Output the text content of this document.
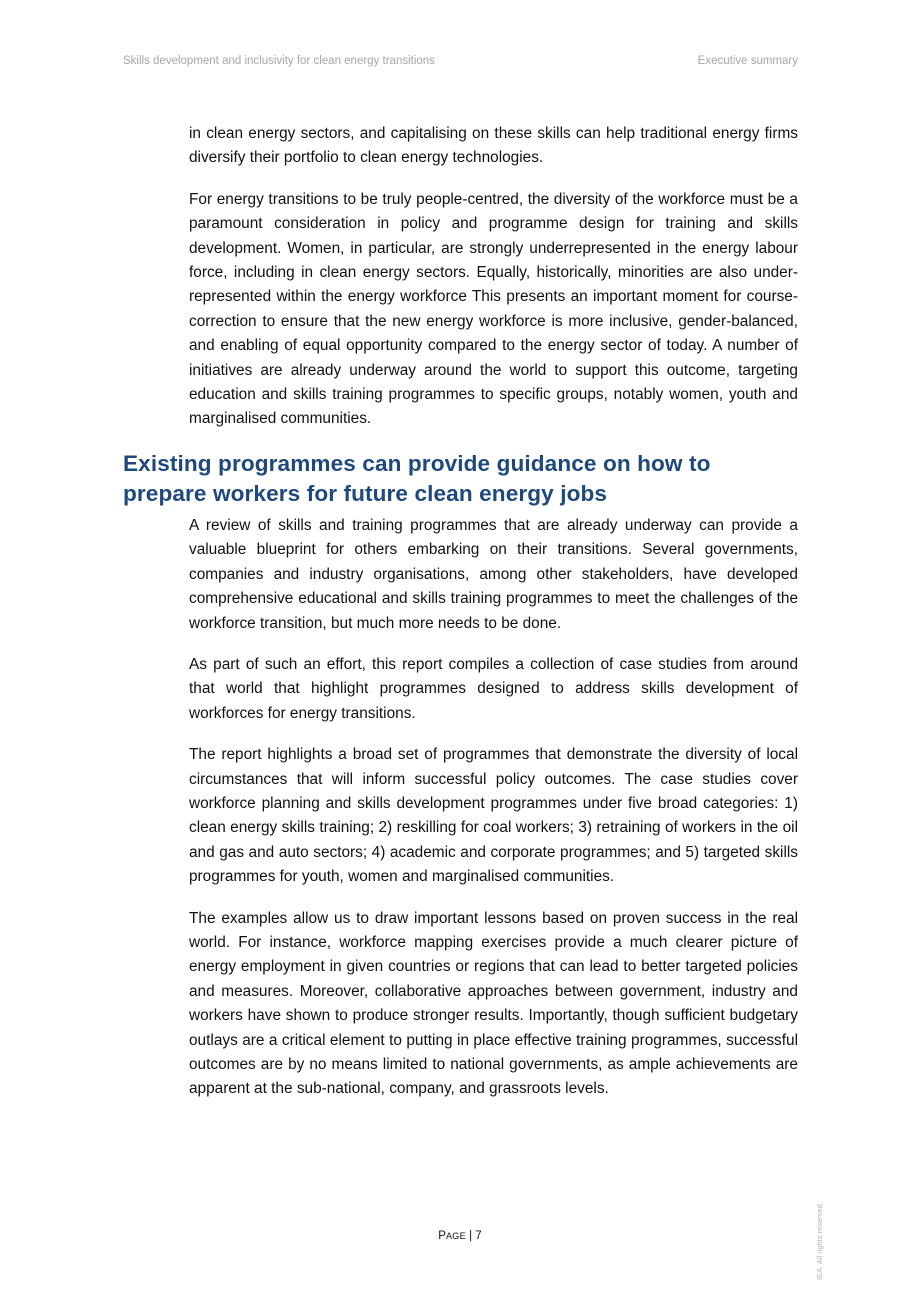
Skills development and inclusivity for clean energy transitions	Executive summary

in clean energy sectors, and capitalising on these skills can help traditional energy firms diversify their portfolio to clean energy technologies.

For energy transitions to be truly people-centred, the diversity of the workforce must be a paramount consideration in policy and programme design for training and skills development. Women, in particular, are strongly underrepresented in the energy labour force, including in clean energy sectors. Equally, historically, minorities are also under-represented within the energy workforce This presents an important moment for course-correction to ensure that the new energy workforce is more inclusive, gender-balanced, and enabling of equal opportunity compared to the energy sector of today. A number of initiatives are already underway around the world to support this outcome, targeting education and skills training programmes to specific groups, notably women, youth and marginalised communities.

Existing programmes can provide guidance on how to prepare workers for future clean energy jobs

A review of skills and training programmes that are already underway can provide a valuable blueprint for others embarking on their transitions. Several governments, companies and industry organisations, among other stakeholders, have developed comprehensive educational and skills training programmes to meet the challenges of the workforce transition, but much more needs to be done.

As part of such an effort, this report compiles a collection of case studies from around that world that highlight programmes designed to address skills development of workforces for energy transitions.

The report highlights a broad set of programmes that demonstrate the diversity of local circumstances that will inform successful policy outcomes. The case studies cover workforce planning and skills development programmes under five broad categories: 1) clean energy skills training; 2) reskilling for coal workers; 3) retraining of workers in the oil and gas and auto sectors; 4) academic and corporate programmes; and 5) targeted skills programmes for youth, women and marginalised communities.

The examples allow us to draw important lessons based on proven success in the real world. For instance, workforce mapping exercises provide a much clearer picture of energy employment in given countries or regions that can lead to better targeted policies and measures. Moreover, collaborative approaches between government, industry and workers have shown to produce stronger results. Importantly, though sufficient budgetary outlays are a critical element to putting in place effective training programmes, successful outcomes are by no means limited to national governments, as ample achievements are apparent at the sub-national, company, and grassroots levels.

PAGE | 7	IEA. All rights reserved.
